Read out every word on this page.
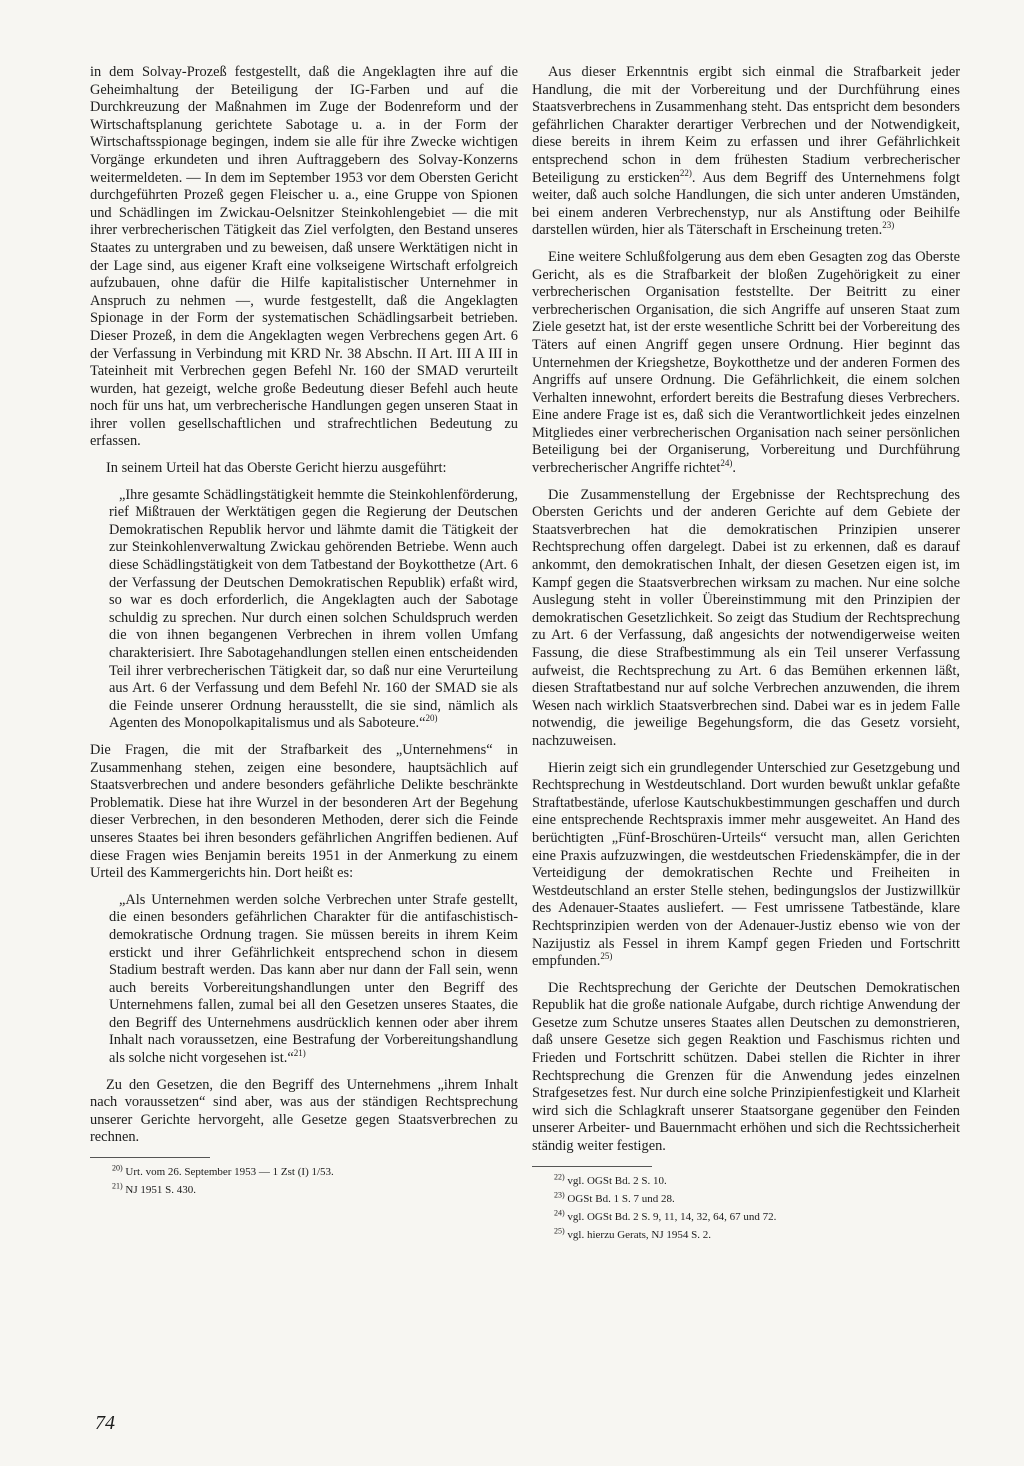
in dem Solvay-Prozeß festgestellt, daß die Angeklagten ihre auf die Geheimhaltung der Beteiligung der IG-Farben und auf die Durchkreuzung der Maßnahmen im Zuge der Bodenreform und der Wirtschaftsplanung gerichtete Sabotage u. a. in der Form der Wirtschaftsspionage begingen, indem sie alle für ihre Zwecke wichtigen Vorgänge erkundeten und ihren Auftraggebern des Solvay-Konzerns weitermeldeten. — In dem im September 1953 vor dem Obersten Gericht durchgeführten Prozeß gegen Fleischer u. a., eine Gruppe von Spionen und Schädlingen im Zwickau-Oelsnitzer Steinkohlengebiet — die mit ihrer verbrecherischen Tätigkeit das Ziel verfolgten, den Bestand unseres Staates zu untergraben und zu beweisen, daß unsere Werktätigen nicht in der Lage sind, aus eigener Kraft eine volkseigene Wirtschaft erfolgreich aufzubauen, ohne dafür die Hilfe kapitalistischer Unternehmer in Anspruch zu nehmen —, wurde festgestellt, daß die Angeklagten Spionage in der Form der systematischen Schädlingsarbeit betrieben. Dieser Prozeß, in dem die Angeklagten wegen Verbrechens gegen Art. 6 der Verfassung in Verbindung mit KRD Nr. 38 Abschn. II Art. III A III in Tateinheit mit Verbrechen gegen Befehl Nr. 160 der SMAD verurteilt wurden, hat gezeigt, welche große Bedeutung dieser Befehl auch heute noch für uns hat, um verbrecherische Handlungen gegen unseren Staat in ihrer vollen gesellschaftlichen und strafrechtlichen Bedeutung zu erfassen.

In seinem Urteil hat das Oberste Gericht hierzu ausgeführt:

„Ihre gesamte Schädlingstätigkeit hemmte die Steinkohlenförderung, rief Mißtrauen der Werktätigen gegen die Regierung der Deutschen Demokratischen Republik hervor und lähmte damit die Tätigkeit der zur Steinkohlenverwaltung Zwickau gehörenden Betriebe. Wenn auch diese Schädlingstätigkeit von dem Tatbestand der Boykotthetze (Art. 6 der Verfassung der Deutschen Demokratischen Republik) erfaßt wird, so war es doch erforderlich, die Angeklagten auch der Sabotage schuldig zu sprechen. Nur durch einen solchen Schuldspruch werden die von ihnen begangenen Verbrechen in ihrem vollen Umfang charakterisiert. Ihre Sabotagehandlungen stellen einen entscheidenden Teil ihrer verbrecherischen Tätigkeit dar, so daß nur eine Verurteilung aus Art. 6 der Verfassung und dem Befehl Nr. 160 der SMAD sie als die Feinde unserer Ordnung herausstellt, die sie sind, nämlich als Agenten des Monopolkapitalismus und als Saboteure.“$^{20)}$

Die Fragen, die mit der Strafbarkeit des „Unternehmens“ in Zusammenhang stehen, zeigen eine besondere, hauptsächlich auf Staatsverbrechen und andere besonders gefährliche Delikte beschränkte Problematik. Diese hat ihre Wurzel in der besonderen Art der Begehung dieser Verbrechen, in den besonderen Methoden, derer sich die Feinde unseres Staates bei ihren besonders gefährlichen Angriffen bedienen. Auf diese Fragen wies Benjamin bereits 1951 in der Anmerkung zu einem Urteil des Kammergerichts hin. Dort heißt es:

„Als Unternehmen werden solche Verbrechen unter Strafe gestellt, die einen besonders gefährlichen Charakter für die antifaschistisch-demokratische Ordnung tragen. Sie müssen bereits in ihrem Keim erstickt und ihrer Gefährlichkeit entsprechend schon in diesem Stadium bestraft werden. Das kann aber nur dann der Fall sein, wenn auch bereits Vorbereitungshandlungen unter den Begriff des Unternehmens fallen, zumal bei all den Gesetzen unseres Staates, die den Begriff des Unternehmens ausdrücklich kennen oder aber ihrem Inhalt nach voraussetzen, eine Bestrafung der Vorbereitungshandlung als solche nicht vorgesehen ist.“$^{21)}$

Zu den Gesetzen, die den Begriff des Unternehmens „ihrem Inhalt nach voraussetzen“ sind aber, was aus der ständigen Rechtsprechung unserer Gerichte hervorgeht, alle Gesetze gegen Staatsverbrechen zu rechnen.

$^{20)}$ Urt. vom 26. September 1953 — 1 Zst (I) 1/53.
$^{21)}$ NJ 1951 S. 430.

Aus dieser Erkenntnis ergibt sich einmal die Strafbarkeit jeder Handlung, die mit der Vorbereitung und der Durchführung eines Staatsverbrechens in Zusammenhang steht. Das entspricht dem besonders gefährlichen Charakter derartiger Verbrechen und der Notwendigkeit, diese bereits in ihrem Keim zu erfassen und ihrer Gefährlichkeit entsprechend schon in dem frühesten Stadium verbrecherischer Beteiligung zu ersticken$^{22)}$. Aus dem Begriff des Unternehmens folgt weiter, daß auch solche Handlungen, die sich unter anderen Umständen, bei einem anderen Verbrechenstyp, nur als Anstiftung oder Beihilfe darstellen würden, hier als Täterschaft in Erscheinung treten.$^{23)}$

Eine weitere Schlußfolgerung aus dem eben Gesagten zog das Oberste Gericht, als es die Strafbarkeit der bloßen Zugehörigkeit zu einer verbrecherischen Organisation feststellte. Der Beitritt zu einer verbrecherischen Organisation, die sich Angriffe auf unseren Staat zum Ziele gesetzt hat, ist der erste wesentliche Schritt bei der Vorbereitung des Täters auf einen Angriff gegen unsere Ordnung. Hier beginnt das Unternehmen der Kriegshetze, Boykotthetze und der anderen Formen des Angriffs auf unsere Ordnung. Die Gefährlichkeit, die einem solchen Verhalten innewohnt, erfordert bereits die Bestrafung dieses Verbrechers. Eine andere Frage ist es, daß sich die Verantwortlichkeit jedes einzelnen Mitgliedes einer verbrecherischen Organisation nach seiner persönlichen Beteiligung bei der Organiserung, Vorbereitung und Durchführung verbrecherischer Angriffe richtet$^{24)}$.

Die Zusammenstellung der Ergebnisse der Rechtsprechung des Obersten Gerichts und der anderen Gerichte auf dem Gebiete der Staatsverbrechen hat die demokratischen Prinzipien unserer Rechtsprechung offen dargelegt. Dabei ist zu erkennen, daß es darauf ankommt, den demokratischen Inhalt, der diesen Gesetzen eigen ist, im Kampf gegen die Staatsverbrechen wirksam zu machen. Nur eine solche Auslegung steht in voller Übereinstimmung mit den Prinzipien der demokratischen Gesetzlichkeit. So zeigt das Studium der Rechtsprechung zu Art. 6 der Verfassung, daß angesichts der notwendigerweise weiten Fassung, die diese Strafbestimmung als ein Teil unserer Verfassung aufweist, die Rechtsprechung zu Art. 6 das Bemühen erkennen läßt, diesen Straftatbestand nur auf solche Verbrechen anzuwenden, die ihrem Wesen nach wirklich Staatsverbrechen sind. Dabei war es in jedem Falle notwendig, die jeweilige Begehungsform, die das Gesetz vorsieht, nachzuweisen.

Hierin zeigt sich ein grundlegender Unterschied zur Gesetzgebung und Rechtsprechung in Westdeutschland. Dort wurden bewußt unklar gefaßte Straftatbestände, uferlose Kautschukbestimmungen geschaffen und durch eine entsprechende Rechtspraxis immer mehr ausgeweitet. An Hand des berüchtigten „Fünf-Broschüren-Urteils“ versucht man, allen Gerichten eine Praxis aufzuzwingen, die westdeutschen Friedenskämpfer, die in der Verteidigung der demokratischen Rechte und Freiheiten in Westdeutschland an erster Stelle stehen, bedingungslos der Justizwillkür des Adenauer-Staates ausliefert. — Fest umrissene Tatbestände, klare Rechtsprinzipien werden von der Adenauer-Justiz ebenso wie von der Nazijustiz als Fessel in ihrem Kampf gegen Frieden und Fortschritt empfunden.$^{25)}$

Die Rechtsprechung der Gerichte der Deutschen Demokratischen Republik hat die große nationale Aufgabe, durch richtige Anwendung der Gesetze zum Schutze unseres Staates allen Deutschen zu demonstrieren, daß unsere Gesetze sich gegen Reaktion und Faschismus richten und Frieden und Fortschritt schützen. Dabei stellen die Richter in ihrer Rechtsprechung die Grenzen für die Anwendung jedes einzelnen Strafgesetzes fest. Nur durch eine solche Prinzipienfestigkeit und Klarheit wird sich die Schlagkraft unserer Staatsorgane gegenüber den Feinden unserer Arbeiter- und Bauernmacht erhöhen und sich die Rechtssicherheit ständig weiter festigen.

$^{22)}$ vgl. OGSt Bd. 2 S. 10.
$^{23)}$ OGSt Bd. 1 S. 7 und 28.
$^{24)}$ vgl. OGSt Bd. 2 S. 9, 11, 14, 32, 64, 67 und 72.
$^{25)}$ vgl. hierzu Gerats, NJ 1954 S. 2.
74
